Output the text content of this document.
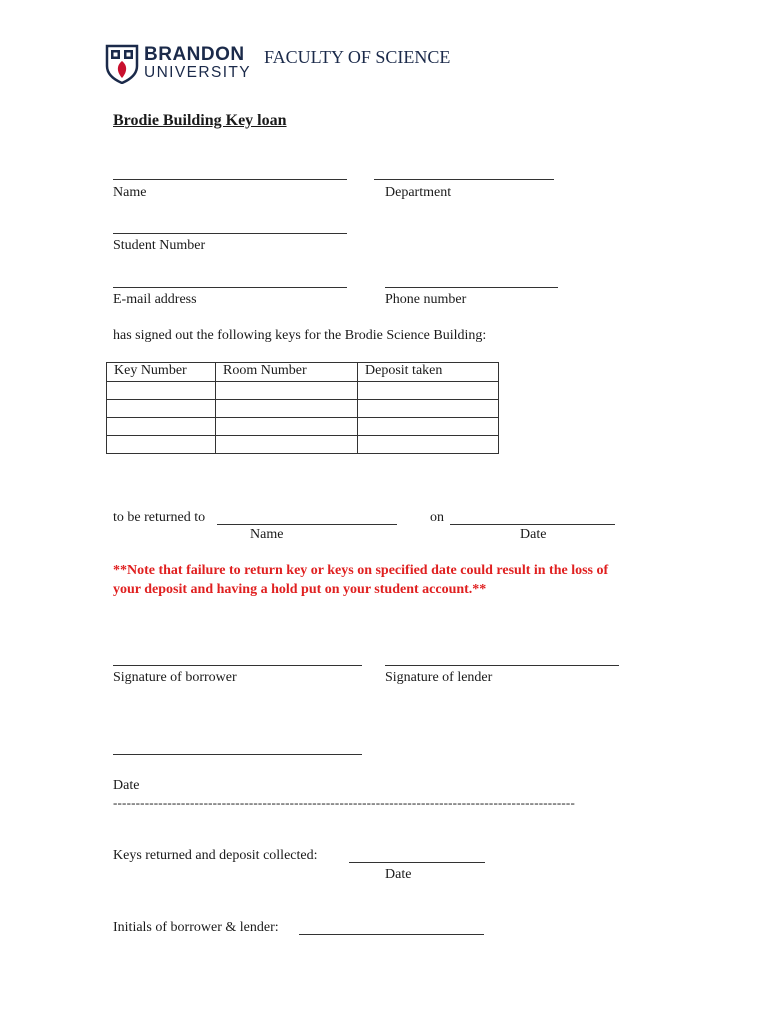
BRANDON
UNIVERSITY
FACULTY OF SCIENCE
Brodie Building Key loan
Name	Department
Student Number
E-mail address	Phone number
has signed out the following keys for the Brodie Science Building:
Key Number	Room Number	Deposit taken

to be returned to	on
Name	Date
**Note that failure to return key or keys on specified date could result in the loss of
your deposit and having a hold put on your student account.**
Signature of borrower	Signature of lender
Date
------------------------------------------------------------------------------------------------------
Keys returned and deposit collected:
Date
Initials of borrower & lender:
